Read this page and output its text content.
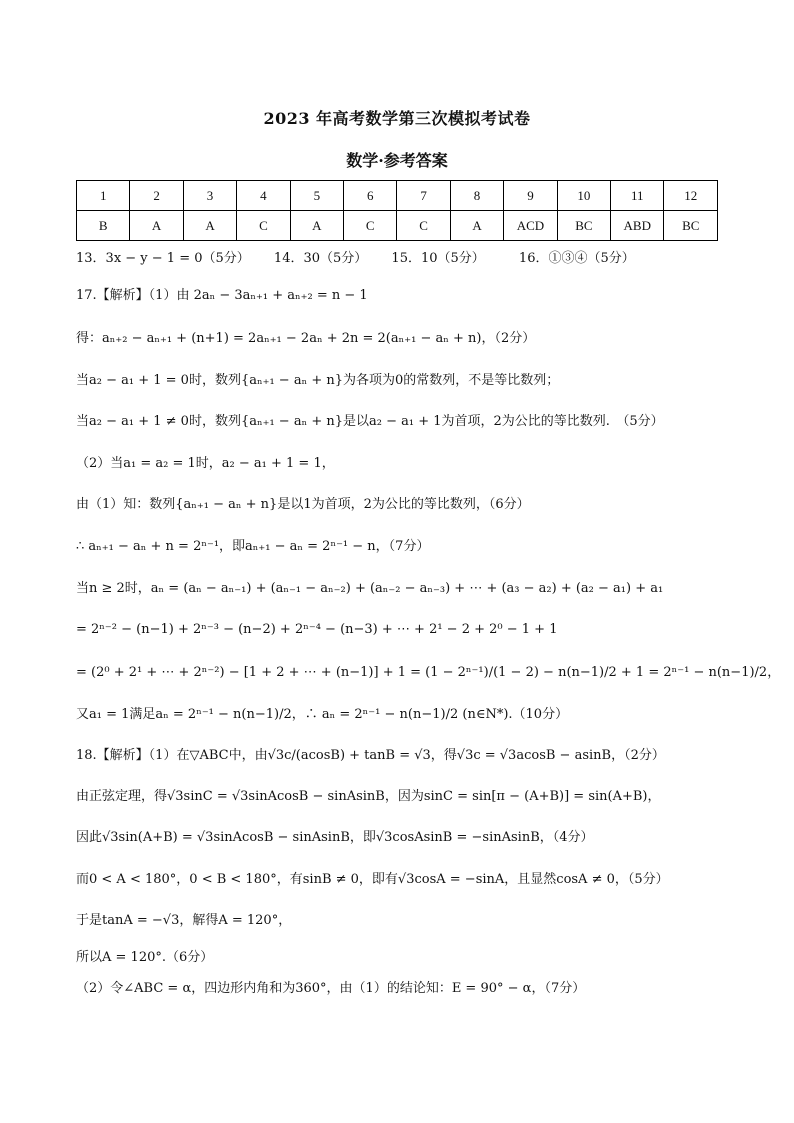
2023 年高考数学第三次模拟考试卷
数学·参考答案
1	2	3	4	5	6	7	8	9	10	11	12
B	A	A	C	A	C	C	A	ACD	BC	ABD	BC
13．3x − y − 1 = 0（5分） 14．30（5分） 15．10（5分）	16．①③④（5分）
17.【解析】（1）由 2aₙ − 3aₙ₊₁ + aₙ₊₂ = n − 1
得：aₙ₊₂ − aₙ₊₁ + (n+1) = 2aₙ₊₁ − 2aₙ + 2n = 2(aₙ₊₁ − aₙ + n)，（2分）
当a₂ − a₁ + 1 = 0时，数列{aₙ₊₁ − aₙ + n}为各项为0的常数列，不是等比数列；
当a₂ − a₁ + 1 ≠ 0时，数列{aₙ₊₁ − aₙ + n}是以a₂ − a₁ + 1为首项，2为公比的等比数列.　（5分）
（2）当a₁ = a₂ = 1时，a₂ − a₁ + 1 = 1，
由（1）知：数列{aₙ₊₁ − aₙ + n}是以1为首项，2为公比的等比数列，（6分）
∴ aₙ₊₁ − aₙ + n = 2ⁿ⁻¹，即aₙ₊₁ − aₙ = 2ⁿ⁻¹ − n，（7分）
当n ≥ 2时，aₙ = (aₙ − aₙ₋₁) + (aₙ₋₁ − aₙ₋₂) + (aₙ₋₂ − aₙ₋₃) + ⋯ + (a₃ − a₂) + (a₂ − a₁) + a₁
= 2ⁿ⁻² − (n−1) + 2ⁿ⁻³ − (n−2) + 2ⁿ⁻⁴ − (n−3) + ⋯ + 2¹ − 2 + 2⁰ − 1 + 1
= (2⁰ + 2¹ + ⋯ + 2ⁿ⁻²) − [1 + 2 + ⋯ + (n−1)] + 1 = (1 − 2ⁿ⁻¹)/(1 − 2) − n(n−1)/2 + 1 = 2ⁿ⁻¹ − n(n−1)/2，
又a₁ = 1满足aₙ = 2ⁿ⁻¹ − n(n−1)/2，∴ aₙ = 2ⁿ⁻¹ − n(n−1)/2 (n∈N*).（10分）
18.【解析】（1）在▽ABC中，由√3c/(acosB) + tanB = √3，得√3c = √3acosB − asinB，（2分）
由正弦定理，得√3sinC = √3sinAcosB − sinAsinB，因为sinC = sin[π − (A+B)] = sin(A+B)，
因此√3sin(A+B) = √3sinAcosB − sinAsinB，即√3cosAsinB = −sinAsinB，（4分）
而0 < A < 180°，0 < B < 180°，有sinB ≠ 0，即有√3cosA = −sinA，且显然cosA ≠ 0，（5分）
于是tanA = −√3，解得A = 120°，
所以A = 120°.（6分）
（2）令∠ABC = α，四边形内角和为360°，由（1）的结论知：E = 90° − α，（7分）
